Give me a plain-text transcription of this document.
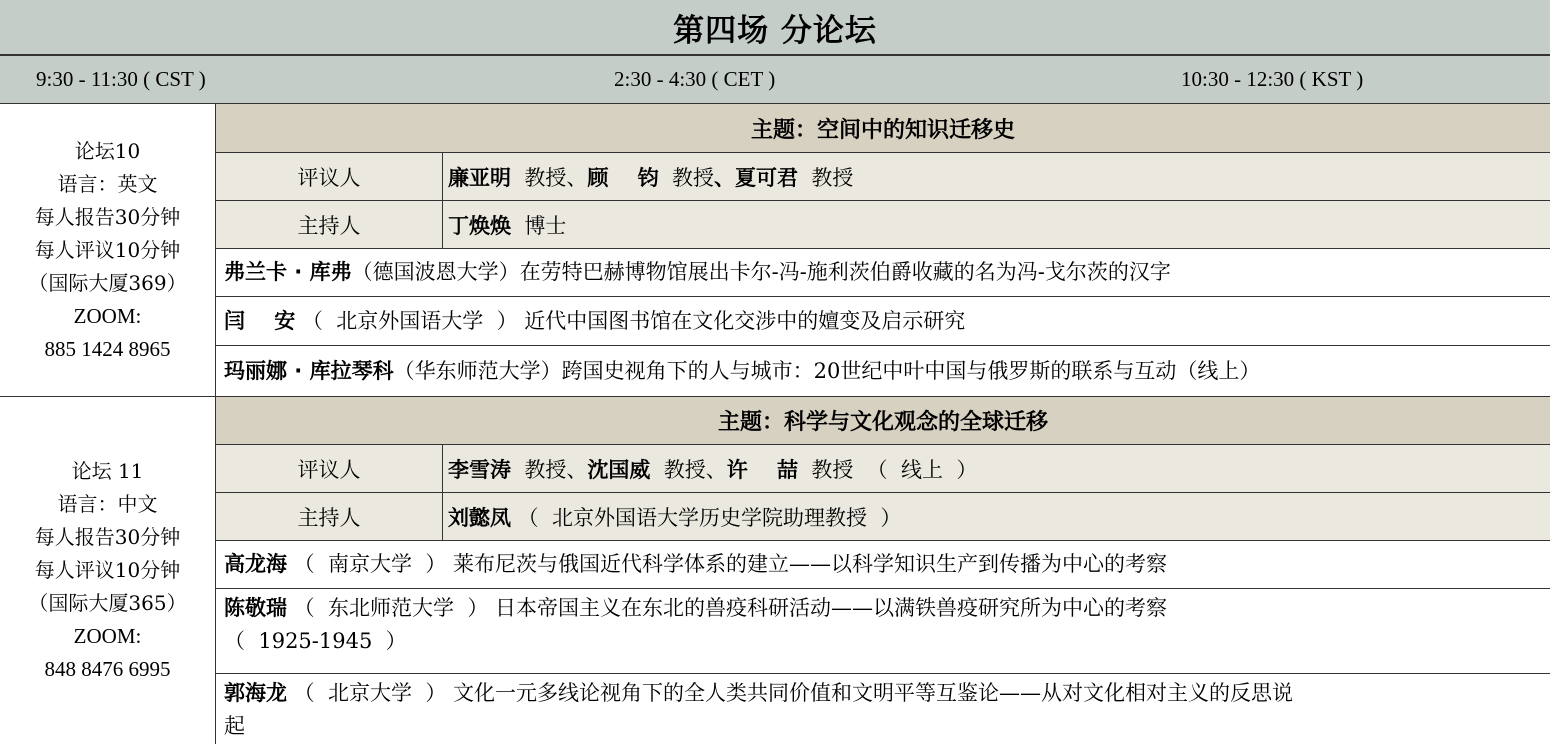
第四场 分论坛
9:30 - 11:30 ( CST )	2:30 - 4:30 ( CET )	10:30 - 12:30 ( KST )
论坛10
语言：英文
每人报告30分钟
每人评议10分钟
（国际大厦369）
ZOOM:
885 1424 8965
主题：空间中的知识迁移史
评议人	廉亚明 教授、 顾    钧 教授 、夏可君 教授
主持人	丁焕焕 博士
弗兰卡 · 库弗（德国波恩大学）在劳特巴赫博物馆展出卡尔-冯-施利茨伯爵收藏的名为冯-戈尔茨的汉字
闫    安 （  北京外国语大学  ） 近代中国图书馆在文化交涉中的嬗变及启示研究
玛丽娜 · 库拉琴科（华东师范大学）跨国史视角下的人与城市：20世纪中叶中国与俄罗斯的联系与互动（线上）
论坛 11
语言：中文
每人报告30分钟
每人评议10分钟
（国际大厦365）
ZOOM:
848 8476 6995
主题：科学与文化观念的全球迁移
评议人	李雪涛 教授、 沈国威 教授、 许    喆 教授  （  线上  ）
主持人	刘懿凤 （  北京外国语大学历史学院助理教授  ）
高龙海 （  南京大学  ） 莱布尼茨与俄国近代科学体系的建立——以科学知识生产到传播为中心的考察
陈敬瑞 （  东北师范大学  ） 日本帝国主义在东北的兽疫科研活动——以满铁兽疫研究所为中心的考察
（  1925-1945  ）
郭海龙 （  北京大学  ） 文化一元多线论视角下的全人类共同价值和文明平等互鉴论——从对文化相对主义的反思说
起
